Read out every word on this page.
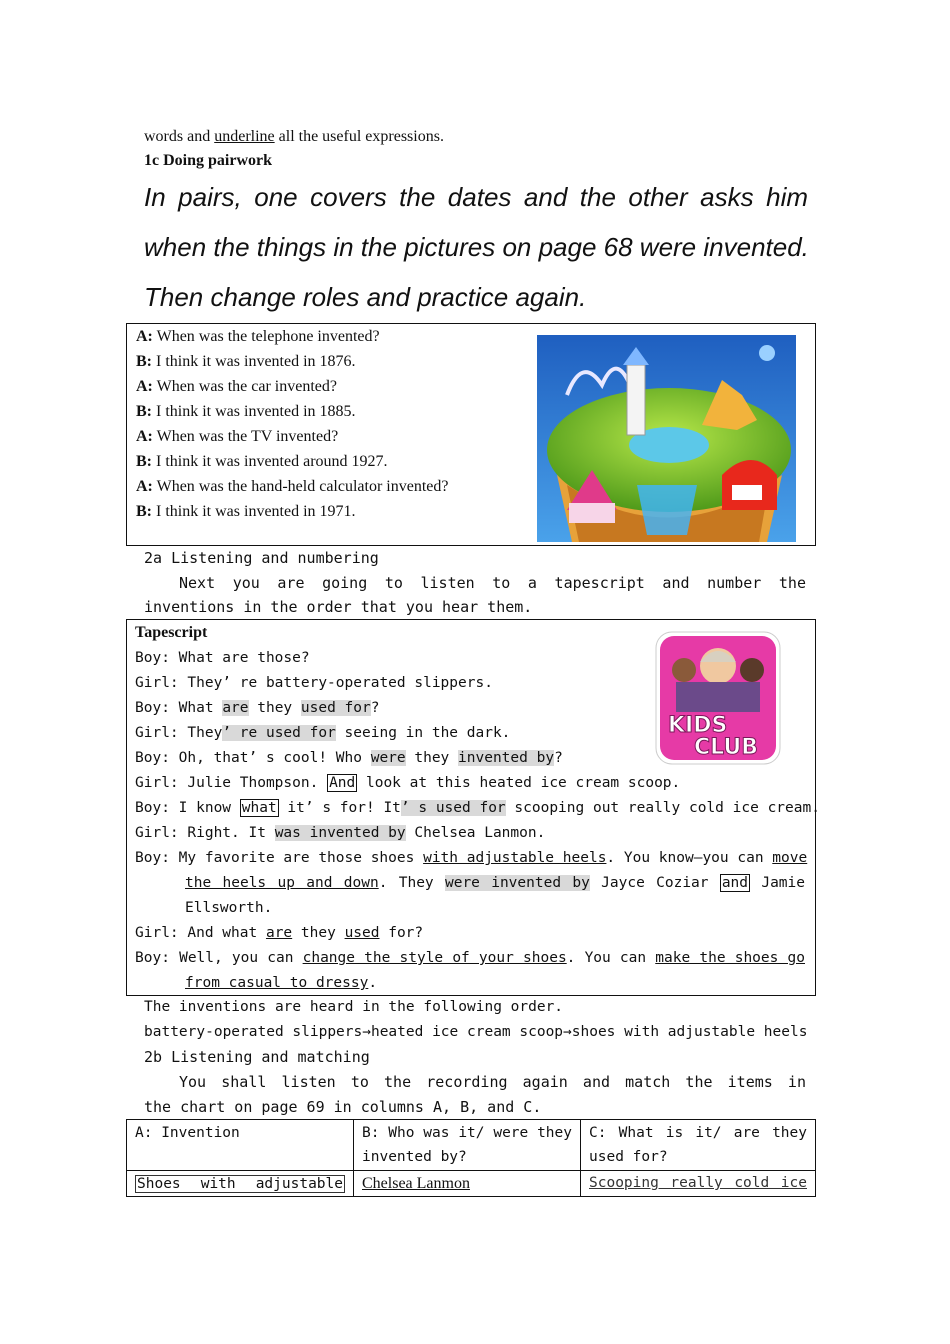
words and underline all the useful expressions.
1c Doing pairwork
In pairs, one covers the dates and the other asks him
when the things in the pictures on page 68 were invented.
Then change roles and practice again.
A: When was the telephone invented?
B: I think it was invented in 1876.
A: When was the car invented?
B: I think it was invented in 1885.
A: When was the TV invented?
B: I think it was invented around 1927.
A: When was the hand-held calculator invented?
B: I think it was invented in 1971.
2a Listening and numbering
Next you are going to listen to a tapescript and number the
inventions in the order that you hear them.
Tapescript
KIDS
CLUB
Boy: What are those?
Girl: They’ re battery-operated slippers.
Boy: What are they used for?
Girl: They’ re used for seeing in the dark.
Boy: Oh, that’ s cool! Who were they invented by?
Girl: Julie Thompson. And look at this heated ice cream scoop.
Boy: I know what it’ s for! It’ s used for scooping out really cold ice cream.
Girl: Right. It was invented by Chelsea Lanmon.
Boy: My favorite are those shoes with adjustable heels. You know—you can move
the heels up and down. They were invented by Jayce Coziar and Jamie
Ellsworth.
Girl: And what are they used for?
Boy: Well, you can change the style of your shoes. You can make the shoes go
from casual to dressy.
The inventions are heard in the following order.
battery-operated slippers→heated ice cream scoop→shoes with adjustable heels
2b Listening and matching
You shall listen to the recording again and match the items in
the chart on page 69 in columns A, B, and C.
A: Invention	B: Who was it/ were they
invented by?
C: What is it/ are they
used for?
Shoes with adjustable Chelsea Lanmon	Scooping really cold ice
